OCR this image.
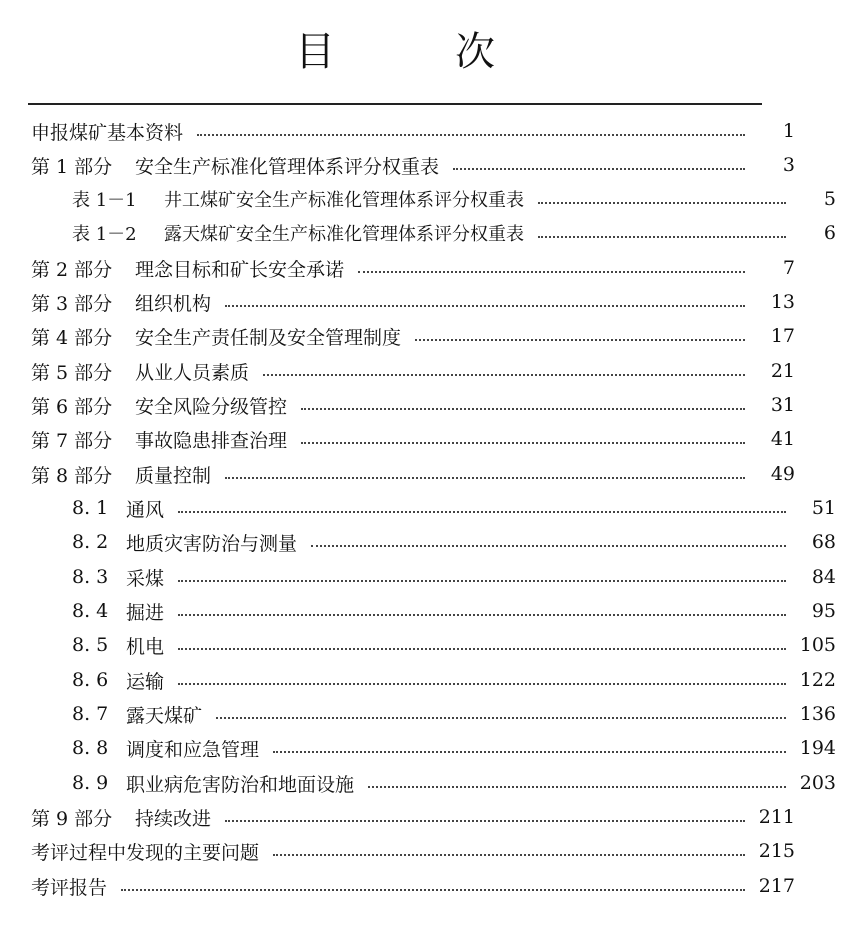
目	次
申报煤矿基本资料	1
第 1 部分	安全生产标准化管理体系评分权重表	3
表 1－1	井工煤矿安全生产标准化管理体系评分权重表	5
表 1－2	露天煤矿安全生产标准化管理体系评分权重表	6
第 2 部分	理念目标和矿长安全承诺	7
第 3 部分	组织机构	13
第 4 部分	安全生产责任制及安全管理制度	17
第 5 部分	从业人员素质	21
第 6 部分	安全风险分级管控	31
第 7 部分	事故隐患排查治理	41
第 8 部分	质量控制	49
8. 1 通风	51
8. 2 地质灾害防治与测量	68
8. 3 采煤	84
8. 4 掘进	95
8. 5 机电	105
8. 6 运输	122
8. 7 露天煤矿	136
8. 8 调度和应急管理	194
8. 9 职业病危害防治和地面设施	203
第 9 部分	持续改进	211
考评过程中发现的主要问题	215
考评报告	217
